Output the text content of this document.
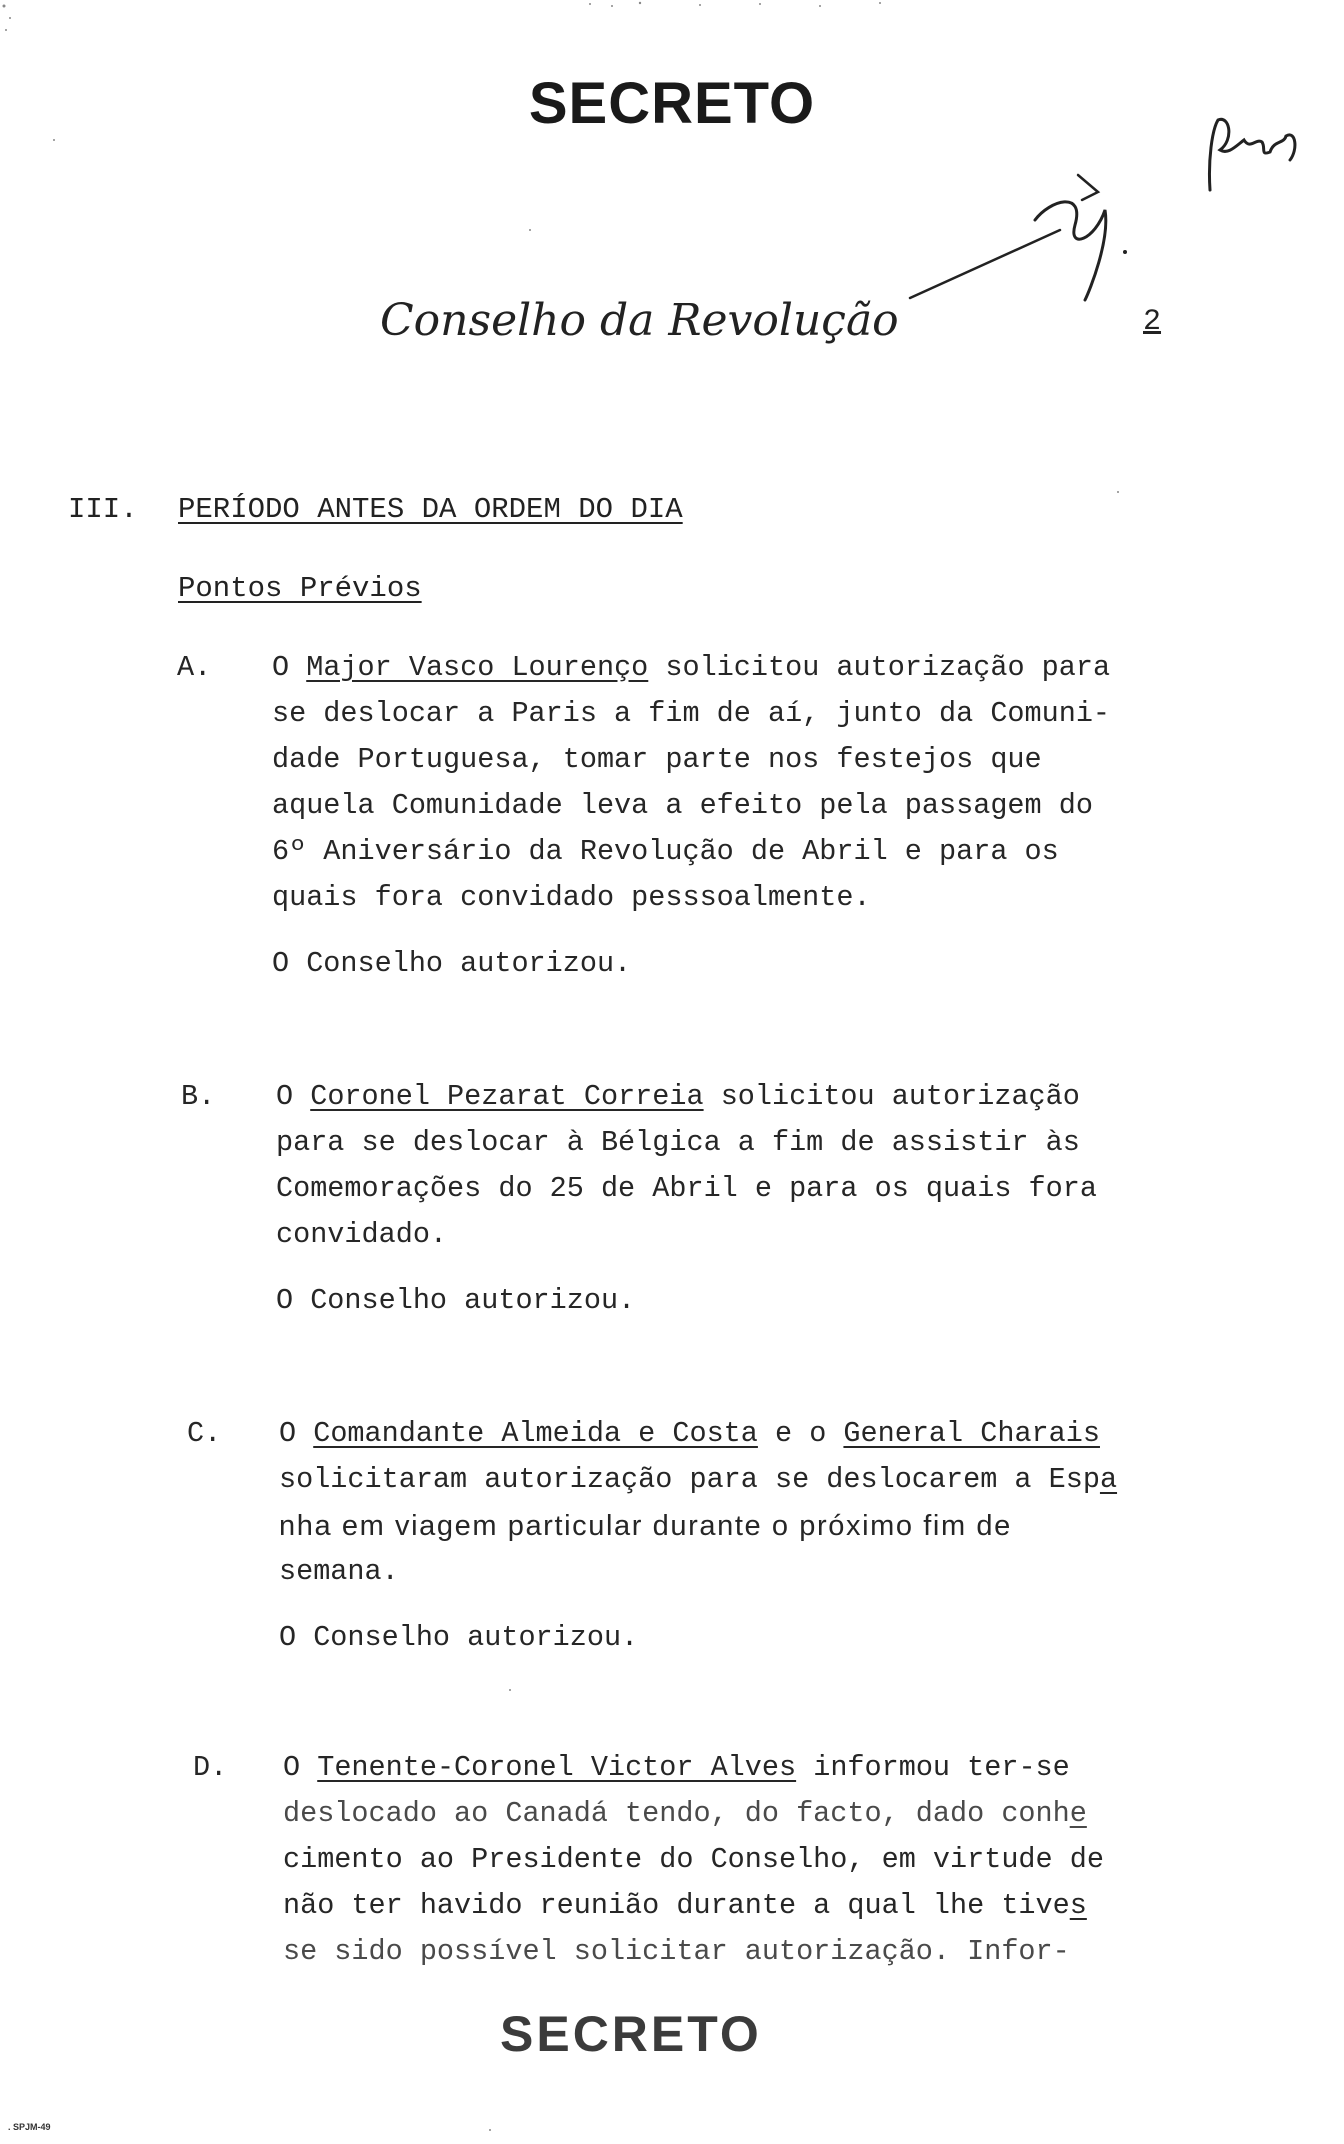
SECRETO
Conselho da Revolução	2
III. PERÍODO ANTES DA ORDEM DO DIA
Pontos Prévios
A. O Major Vasco Lourenço solicitou autorização para
se deslocar a Paris a fim de aí, junto da Comuni-
dade Portuguesa, tomar parte nos festejos que
aquela Comunidade leva a efeito pela passagem do
6º Aniversário da Revolução de Abril e para os
quais fora convidado pesssoalmente.
O Conselho autorizou.
B. O Coronel Pezarat Correia solicitou autorização
para se deslocar à Bélgica a fim de assistir às
Comemorações do 25 de Abril e para os quais fora
convidado.
O Conselho autorizou.
C. O Comandante Almeida e Costa e o General Charais
solicitaram autorização para se deslocarem a Espa
nha em viagem particular durante o próximo fim de
semana.
O Conselho autorizou.
D. O Tenente-Coronel Victor Alves informou ter-se
deslocado ao Canadá tendo, do facto, dado conhe
cimento ao Presidente do Conselho, em virtude de
não ter havido reunião durante a qual lhe tives
se sido possível solicitar autorização. Infor-
SECRETO
. SPJM-49
